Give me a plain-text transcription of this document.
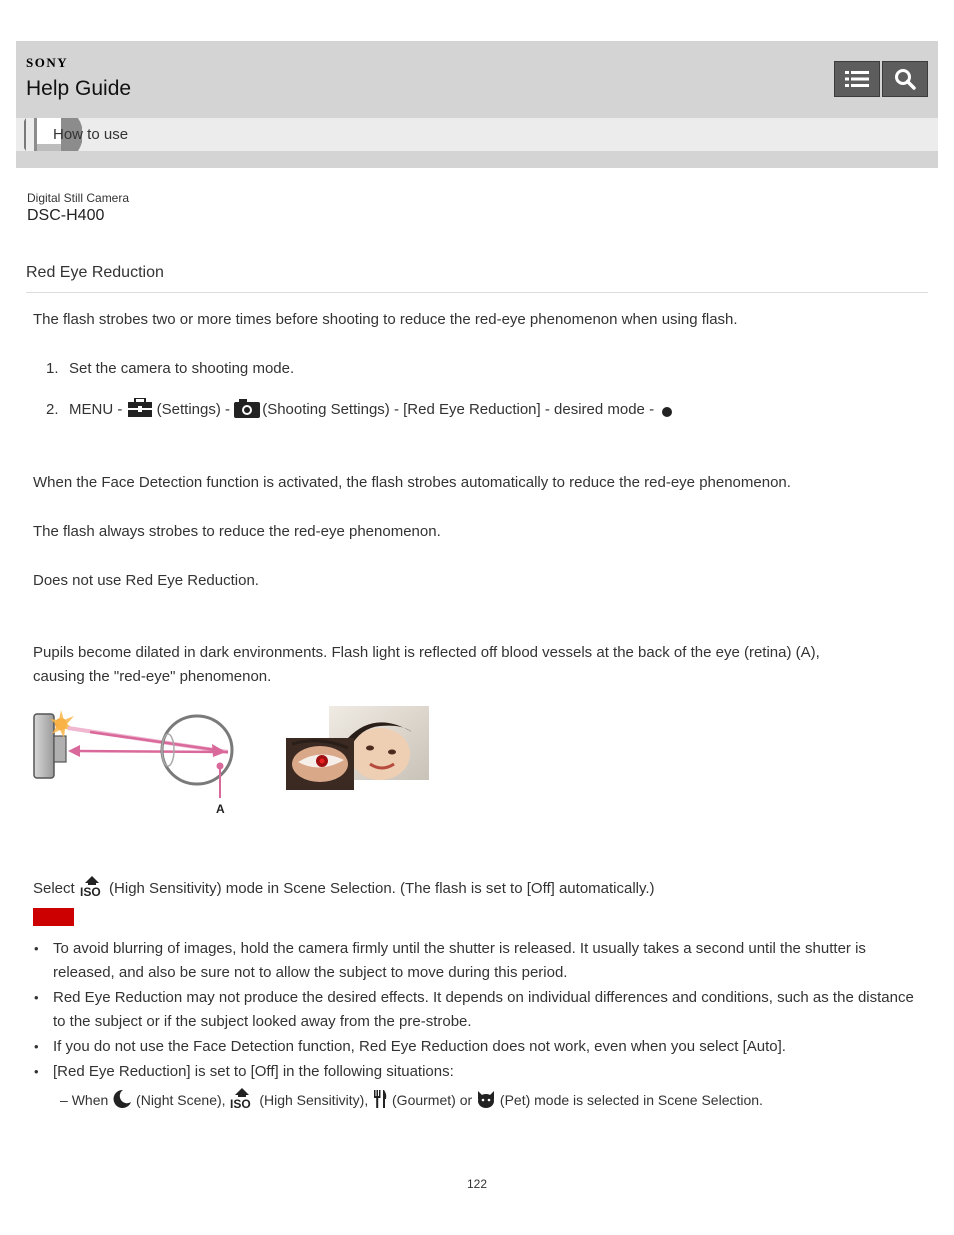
SONY
Help Guide
How to use
Digital Still Camera
DSC-H400
Red Eye Reduction
The flash strobes two or more times before shooting to reduce the red-eye phenomenon when using flash.
1. Set the camera to shooting mode.
2. MENU - (Settings) - (Shooting Settings) - [Red Eye Reduction] - desired mode -
When the Face Detection function is activated, the flash strobes automatically to reduce the red-eye phenomenon.
The flash always strobes to reduce the red-eye phenomenon.
Does not use Red Eye Reduction.
Pupils become dilated in dark environments. Flash light is reflected off blood vessels at the back of the eye (retina) (A),
causing the "red-eye" phenomenon.
A
Select ISO (High Sensitivity) mode in Scene Selection. (The flash is set to [Off] automatically.)
• To avoid blurring of images, hold the camera firmly until the shutter is released. It usually takes a second until the shutter is released, and also be sure not to allow the subject to move during this period.
• Red Eye Reduction may not produce the desired effects. It depends on individual differences and conditions, such as the distance to the subject or if the subject looked away from the pre-strobe.
• If you do not use the Face Detection function, Red Eye Reduction does not work, even when you select [Auto].
• [Red Eye Reduction] is set to [Off] in the following situations:
– When (Night Scene), ISO (High Sensitivity), (Gourmet) or (Pet) mode is selected in Scene Selection.
122
